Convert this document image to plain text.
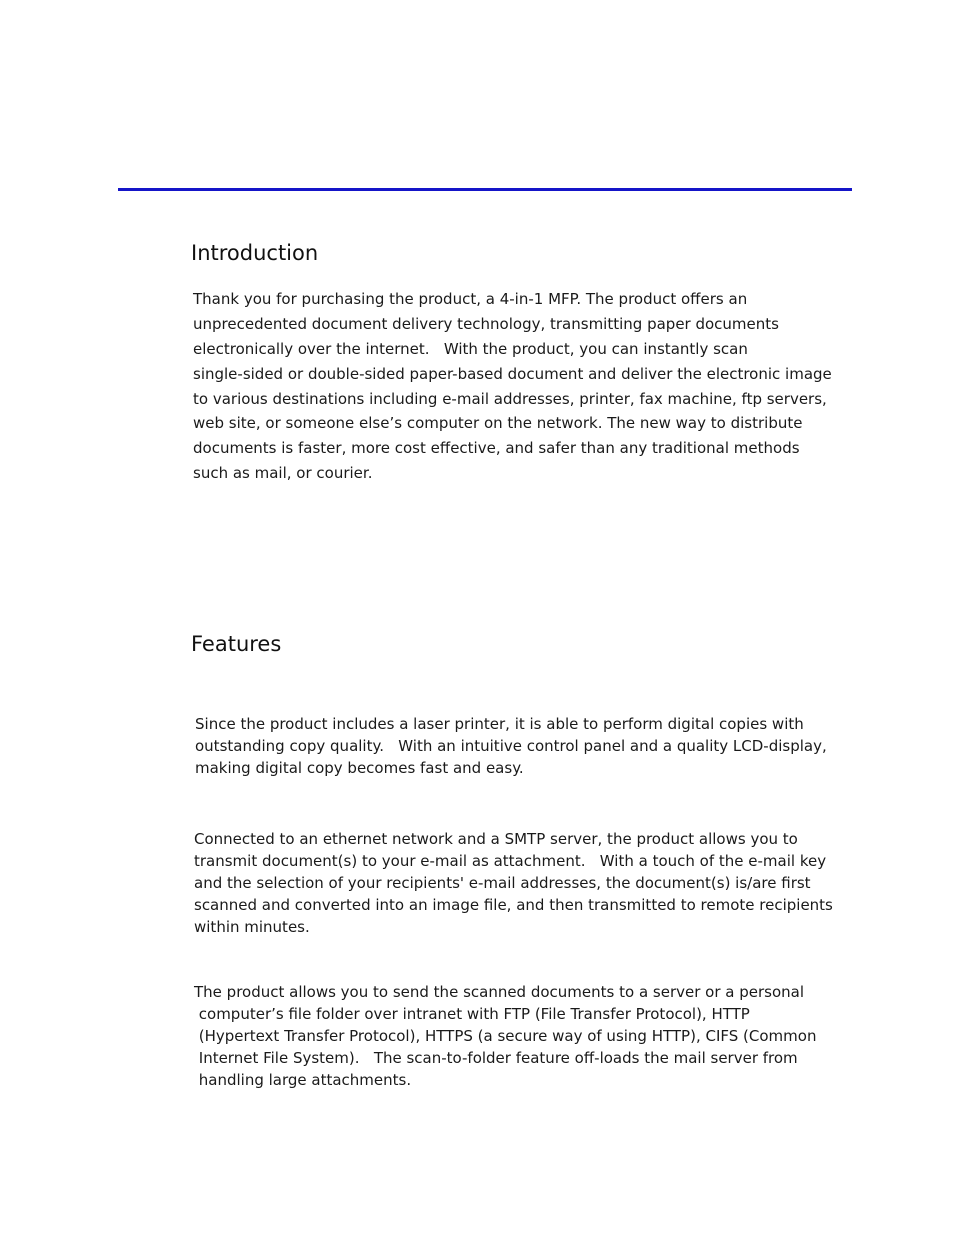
Introduction

Thank you for purchasing the product, a 4-in-1 MFP. The product offers an
unprecedented document delivery technology, transmitting paper documents
electronically over the internet.   With the product, you can instantly scan
single-sided or double-sided paper-based document and deliver the electronic image
to various destinations including e-mail addresses, printer, fax machine, ftp servers,
web site, or someone else’s computer on the network. The new way to distribute
documents is faster, more cost effective, and safer than any traditional methods
such as mail, or courier.

Features

Since the product includes a laser printer, it is able to perform digital copies with
outstanding copy quality.   With an intuitive control panel and a quality LCD-display,
making digital copy becomes fast and easy.

Connected to an ethernet network and a SMTP server, the product allows you to
transmit document(s) to your e-mail as attachment.   With a touch of the e-mail key
and the selection of your recipients' e-mail addresses, the document(s) is/are first
scanned and converted into an image file, and then transmitted to remote recipients
within minutes.

The product allows you to send the scanned documents to a server or a personal
computer’s file folder over intranet with FTP (File Transfer Protocol), HTTP
(Hypertext Transfer Protocol), HTTPS (a secure way of using HTTP), CIFS (Common
Internet File System).   The scan-to-folder feature off-loads the mail server from
handling large attachments.
